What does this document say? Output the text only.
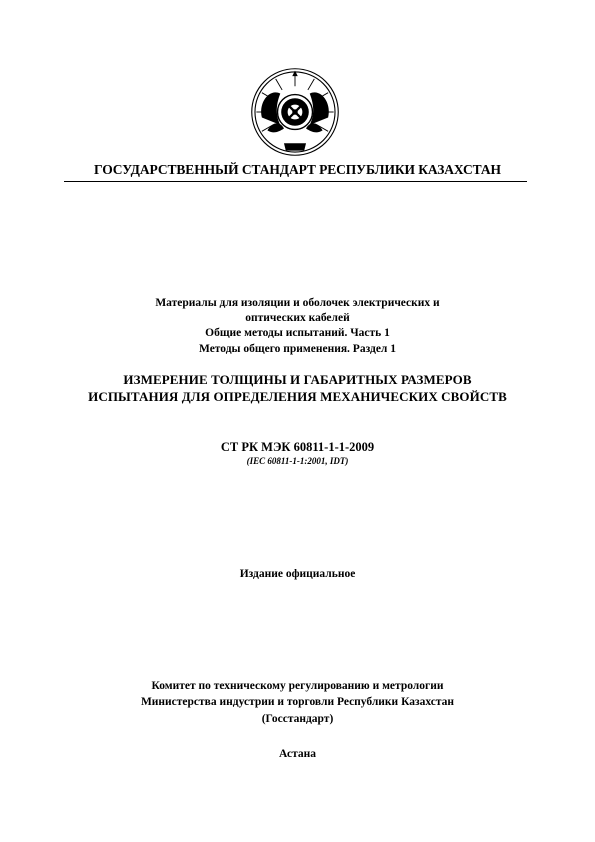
ГОСУДАРСТВЕННЫЙ СТАНДАРТ РЕСПУБЛИКИ КАЗАХСТАН
Материалы для изоляции и оболочек электрических и
оптических кабелей
Общие методы испытаний. Часть 1
Методы общего применения. Раздел 1
ИЗМЕРЕНИЕ ТОЛЩИНЫ И ГАБАРИТНЫХ РАЗМЕРОВ
ИСПЫТАНИЯ ДЛЯ ОПРЕДЕЛЕНИЯ МЕХАНИЧЕСКИХ СВОЙСТВ
СТ РК МЭК 60811-1-1-2009
(IEC 60811-1-1:2001, IDT)
Издание официальное
Комитет по техническому регулированию и метрологии
Министерства индустрии и торговли Республики Казахстан
(Госстандарт)
Астана
